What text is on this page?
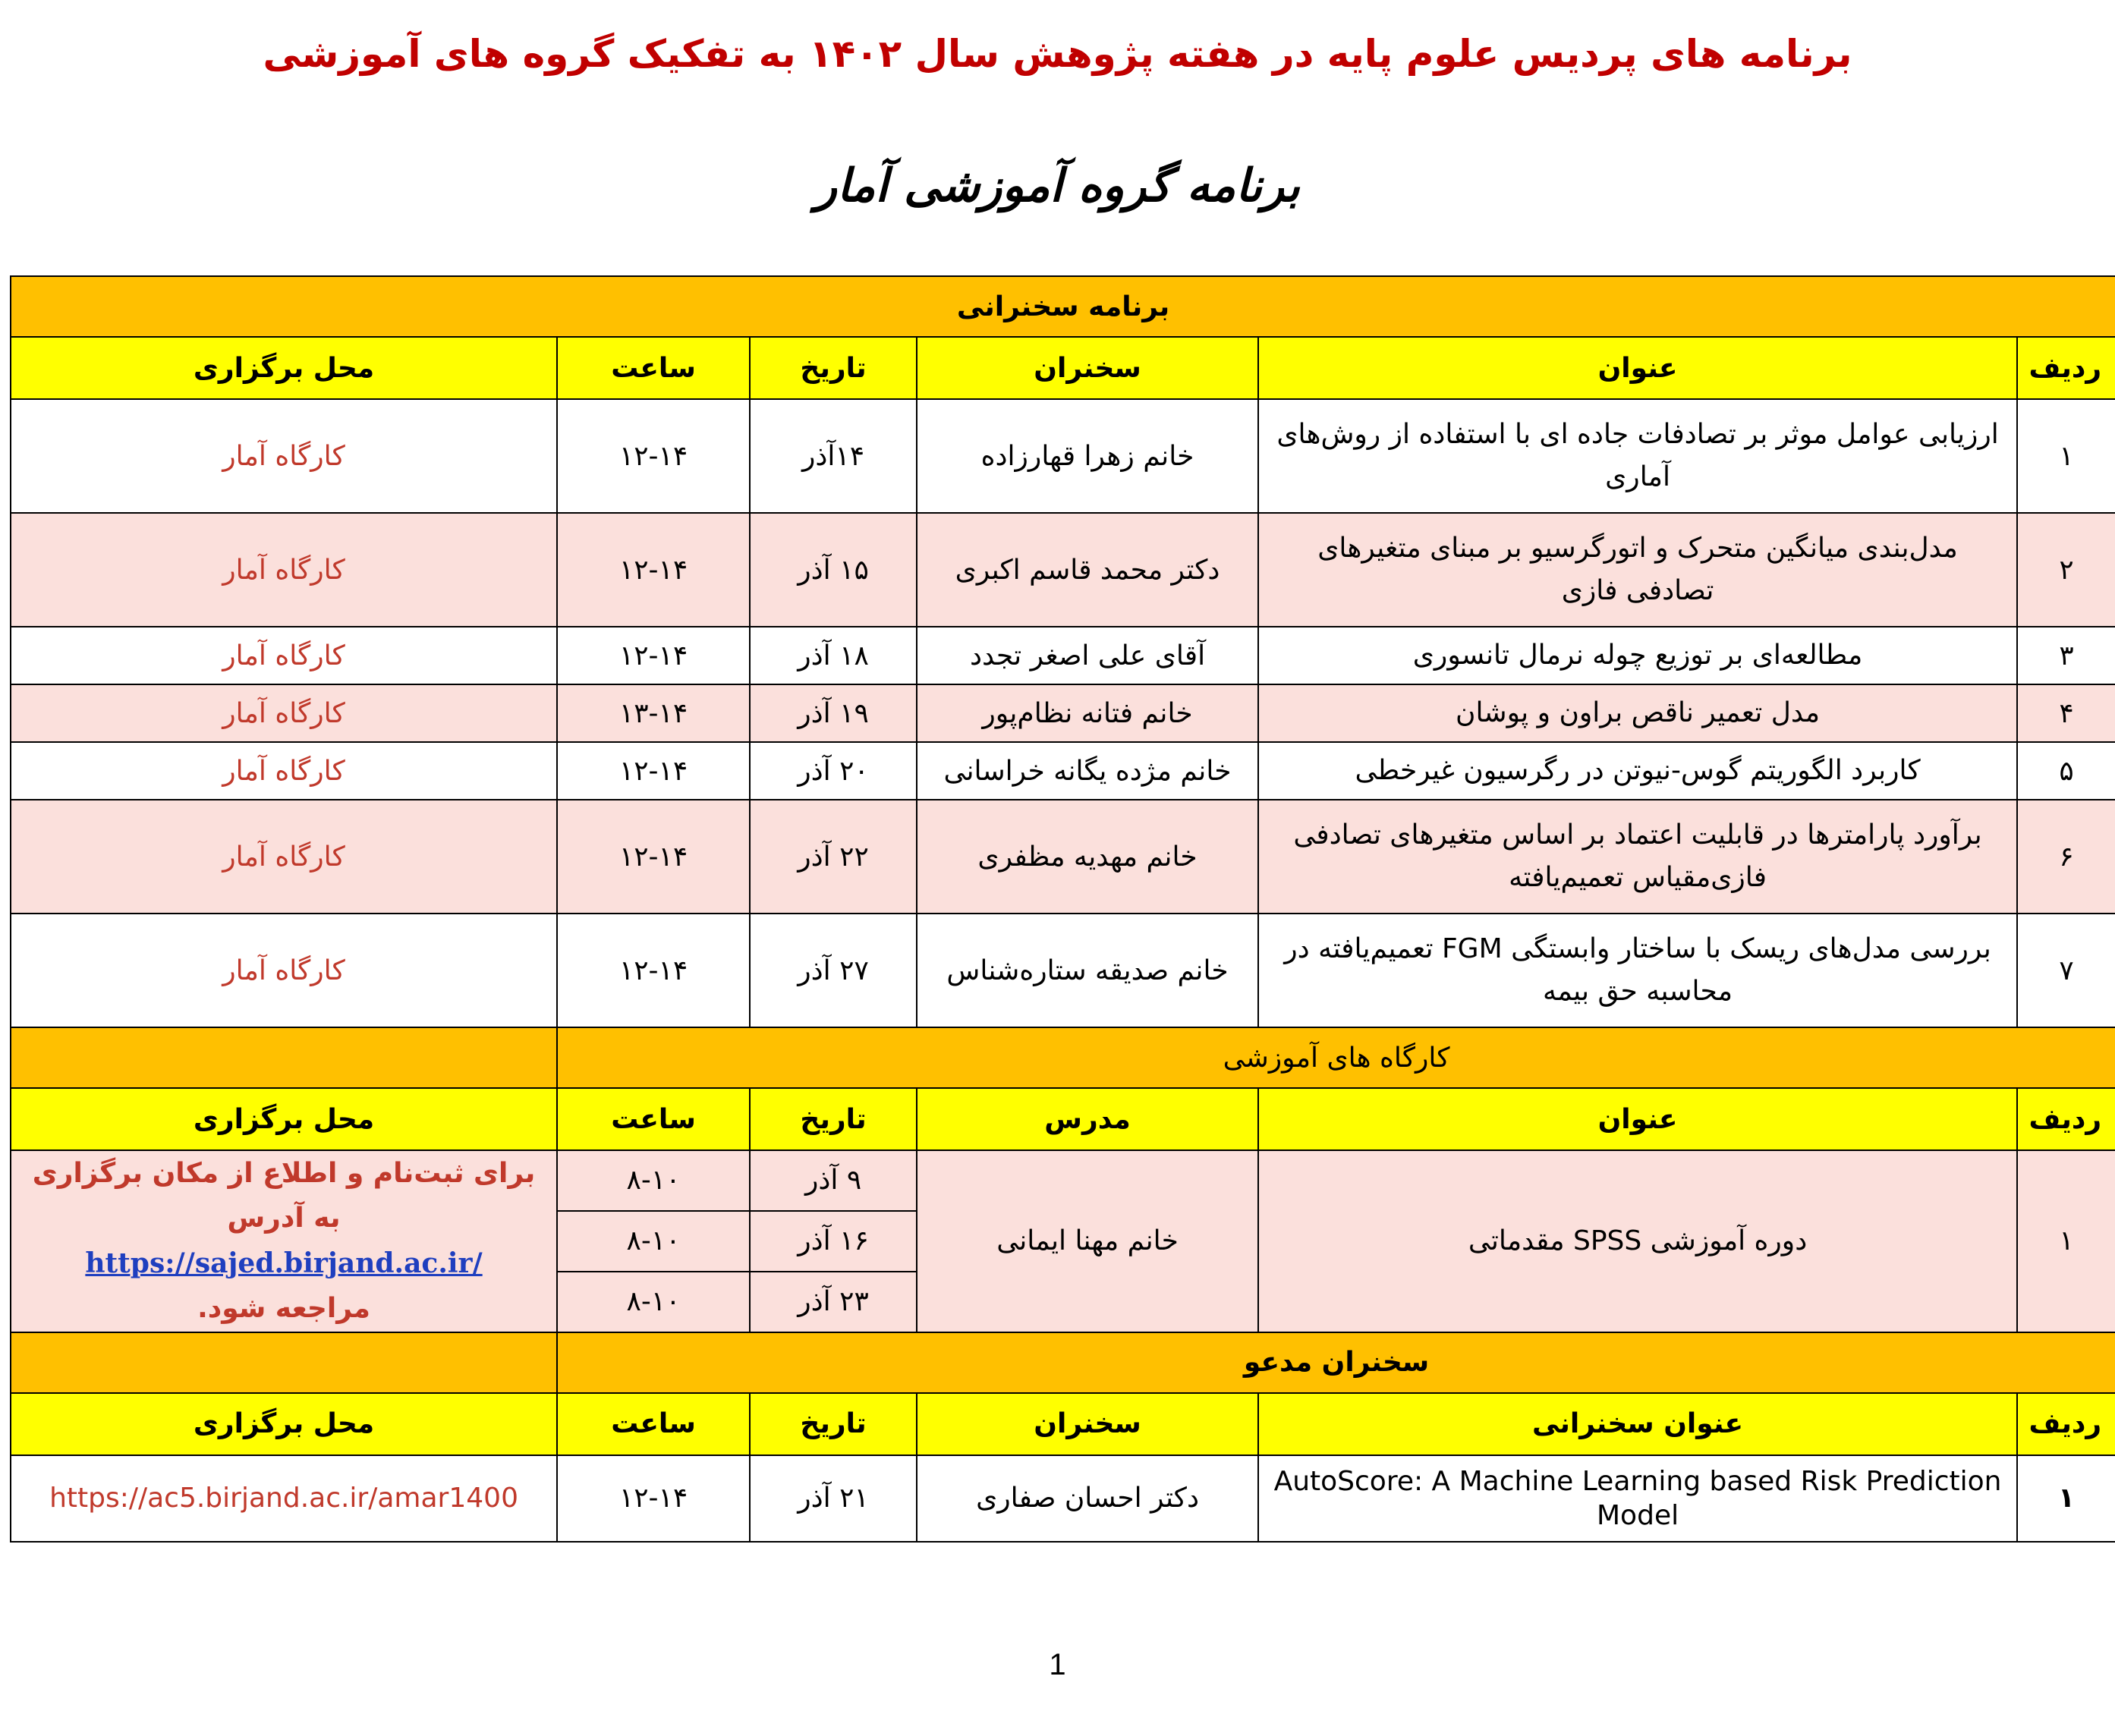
برنامه های پردیس علوم پایه در هفته پژوهش سال ۱۴۰۲ به تفکیک گروه های آموزشی
برنامه گروه آموزشی آمار
برنامه سخنرانی					
ردیف	عنوان	سخنران	تاریخ	ساعت	محل برگزاری
۱	ارزیابی عوامل موثر بر تصادفات جاده ای با استفاده از روش‌های آماری	خانم زهرا قهارزاده	۱۴آذر	۱۲-۱۴	کارگاه آمار
۲	مدل‌بندی میانگین متحرک و اتورگرسیو بر مبنای متغیرهای تصادفی فازی	دکتر محمد قاسم اکبری	۱۵ آذر	۱۲-۱۴	کارگاه آمار
۳	مطالعه‌ای بر توزیع چوله نرمال تانسوری	آقای علی اصغر تجدد	۱۸ آذر	۱۲-۱۴	کارگاه آمار
۴	مدل تعمیر ناقص براون و پوشان	خانم فتانه نظام‌پور	۱۹ آذر	۱۳-۱۴	کارگاه آمار
۵	کاربرد الگوریتم گوس-نیوتن در رگرسیون غیرخطی	خانم مژده یگانه خراسانی	۲۰ آذر	۱۲-۱۴	کارگاه آمار
۶	برآورد پارامترها در قابلیت اعتماد بر اساس متغیرهای تصادفی فازی‌مقیاس تعمیم‌یافته	خانم مهدیه مظفری	۲۲ آذر	۱۲-۱۴	کارگاه آمار
۷	بررسی مدل‌های ریسک با ساختار وابستگی FGM تعمیم‌یافته در محاسبه حق بیمه	خانم صدیقه ستاره‌شناس	۲۷ آذر	۱۲-۱۴	کارگاه آمار
کارگاه های آموزشی					
ردیف	عنوان	مدرس	تاریخ	ساعت	محل برگزاری
۱	دوره آموزشی SPSS مقدماتی	خانم مهنا ایمانی	۹ آذر	۸-۱۰	برای ثبت‌نام و اطلاع از مکان برگزاری به آدرس
https://sajed.birjand.ac.ir/
مراجعه شود.
			۱۶ آذر	۸-۱۰	
			۲۳ آذر	۸-۱۰	
سخنران مدعو					
ردیف	عنوان سخنرانی	سخنران	تاریخ	ساعت	محل برگزاری
۱	AutoScore: A Machine Learning based Risk Prediction Model	دکتر احسان صفاری	۲۱ آذر	۱۲-۱۴	https://ac5.birjand.ac.ir/amar1400
1
